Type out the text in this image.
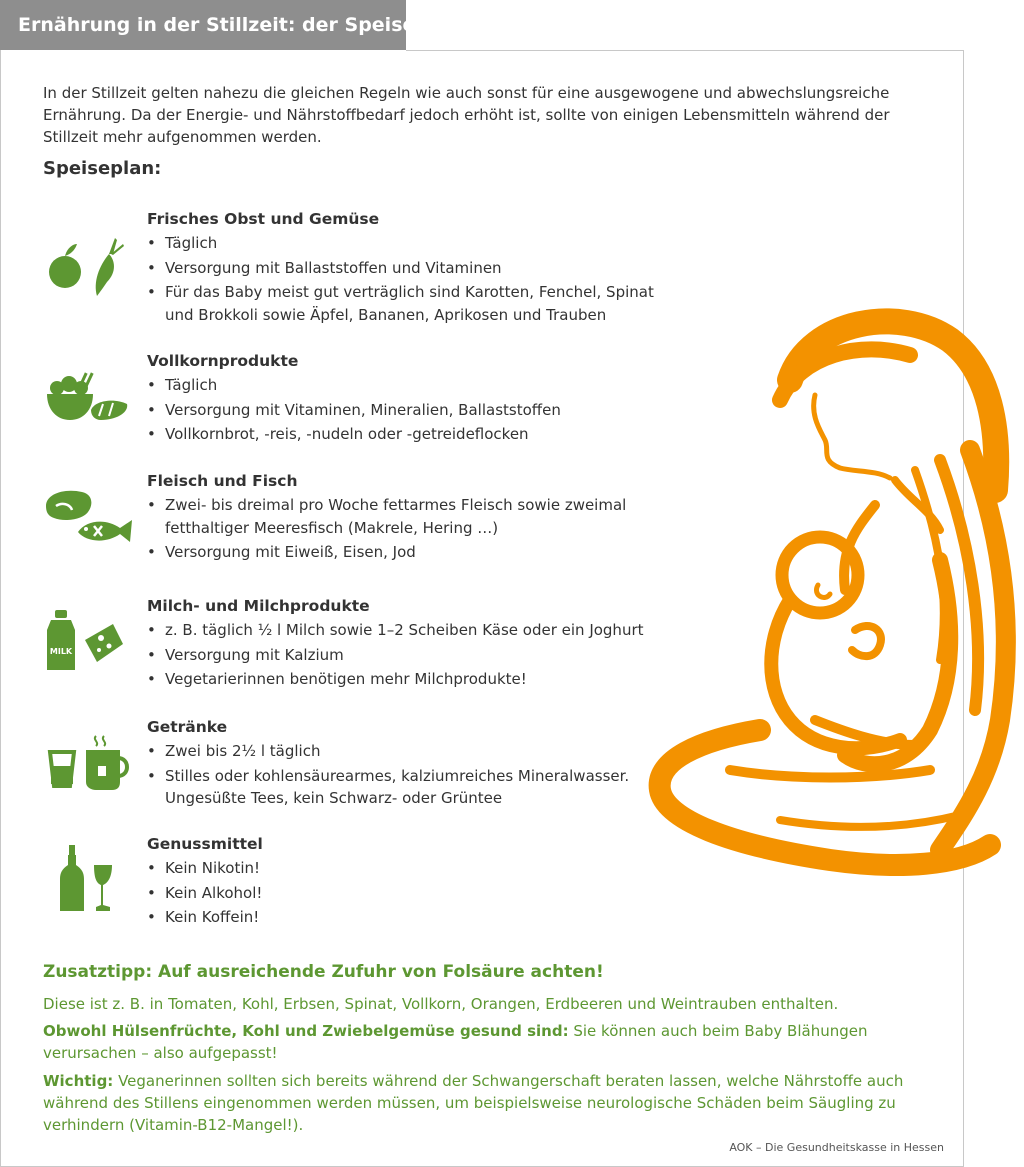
Ernährung in der Stillzeit: der Speiseplan
In der Stillzeit gelten nahezu die gleichen Regeln wie auch sonst für eine ausgewogene und abwechslungsreiche Ernährung. Da der Energie- und Nährstoffbedarf jedoch erhöht ist, sollte von einigen Lebensmitteln während der Stillzeit mehr aufgenommen werden.
Speiseplan:
Frisches Obst und Gemüse
• Täglich
• Versorgung mit Ballaststoffen und Vitaminen
• Für das Baby meist gut verträglich sind Karotten, Fenchel, Spinat und Brokkoli sowie Äpfel, Bananen, Aprikosen und Trauben
Vollkornprodukte
• Täglich
• Versorgung mit Vitaminen, Mineralien, Ballaststoffen
• Vollkornbrot, -reis, -nudeln oder -getreideflocken
Fleisch und Fisch
• Zwei- bis dreimal pro Woche fettarmes Fleisch sowie zweimal fetthaltiger Meeresfisch (Makrele, Hering …)
• Versorgung mit Eiweiß, Eisen, Jod
MILK
Milch- und Milchprodukte
• z. B. täglich ½ l Milch sowie 1–2 Scheiben Käse oder ein Joghurt
• Versorgung mit Kalzium
• Vegetarierinnen benötigen mehr Milchprodukte!
Getränke
• Zwei bis 2½ l täglich
• Stilles oder kohlensäurearmes, kalziumreiches Mineralwasser. Ungesüßte Tees, kein Schwarz- oder Grüntee
Genussmittel
• Kein Nikotin!
• Kein Alkohol!
• Kein Koffein!
Zusatztipp: Auf ausreichende Zufuhr von Folsäure achten!
Diese ist z. B. in Tomaten, Kohl, Erbsen, Spinat, Vollkorn, Orangen, Erdbeeren und Weintrauben enthalten.
Obwohl Hülsenfrüchte, Kohl und Zwiebelgemüse gesund sind: Sie können auch beim Baby Blähungen verursachen – also aufgepasst!
Wichtig: Veganerinnen sollten sich bereits während der Schwangerschaft beraten lassen, welche Nährstoffe auch während des Stillens eingenommen werden müssen, um beispielsweise neurologische Schäden beim Säugling zu verhindern (Vitamin-B12-Mangel!).
AOK – Die Gesundheitskasse in Hessen
